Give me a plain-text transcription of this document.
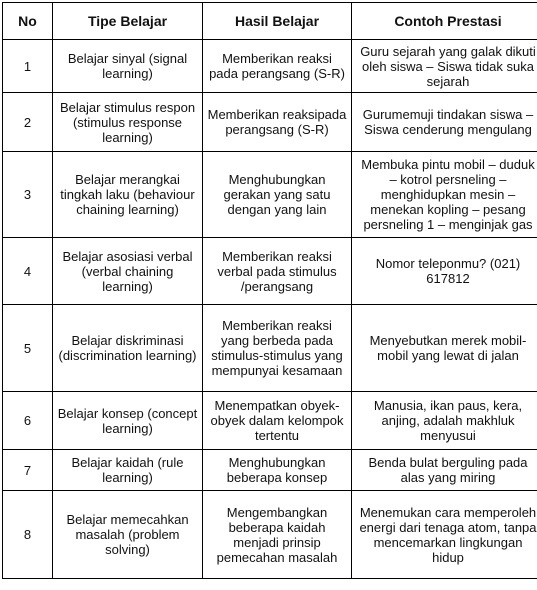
No	Tipe Belajar	Hasil Belajar	Contoh Prestasi
1	Belajar sinyal (signal learning)	Memberikan reaksi pada perangsang (S-R)	Guru sejarah yang galak dikuti oleh siswa – Siswa tidak suka sejarah
2	Belajar stimulus respon (stimulus response learning)	Memberikan reaksipada perangsang (S-R)	Gurumemuji tindakan siswa – Siswa cenderung mengulang
3	Belajar merangkai tingkah laku (behaviour chaining learning)	Menghubungkan gerakan yang satu dengan yang lain	Membuka pintu mobil – duduk – kotrol persneling – menghidupkan mesin – menekan kopling – pesang persneling 1 – menginjak gas
4	Belajar asosiasi verbal (verbal chaining learning)	Memberikan reaksi verbal pada stimulus /perangsang	Nomor teleponmu? (021) 617812
5	Belajar diskriminasi (discrimination learning)	Memberikan reaksi yang berbeda pada stimulus-stimulus yang mempunyai kesamaan	Menyebutkan merek mobil-mobil yang lewat di jalan
6	Belajar konsep (concept learning)	Menempatkan obyek-obyek dalam kelompok tertentu	Manusia, ikan paus, kera, anjing, adalah makhluk menyusui
7	Belajar kaidah (rule learning)	Menghubungkan beberapa konsep	Benda bulat berguling pada alas yang miring
8	Belajar memecahkan masalah (problem solving)	Mengembangkan beberapa kaidah menjadi prinsip pemecahan masalah	Menemukan cara memperoleh energi dari tenaga atom, tanpa mencemarkan lingkungan hidup
